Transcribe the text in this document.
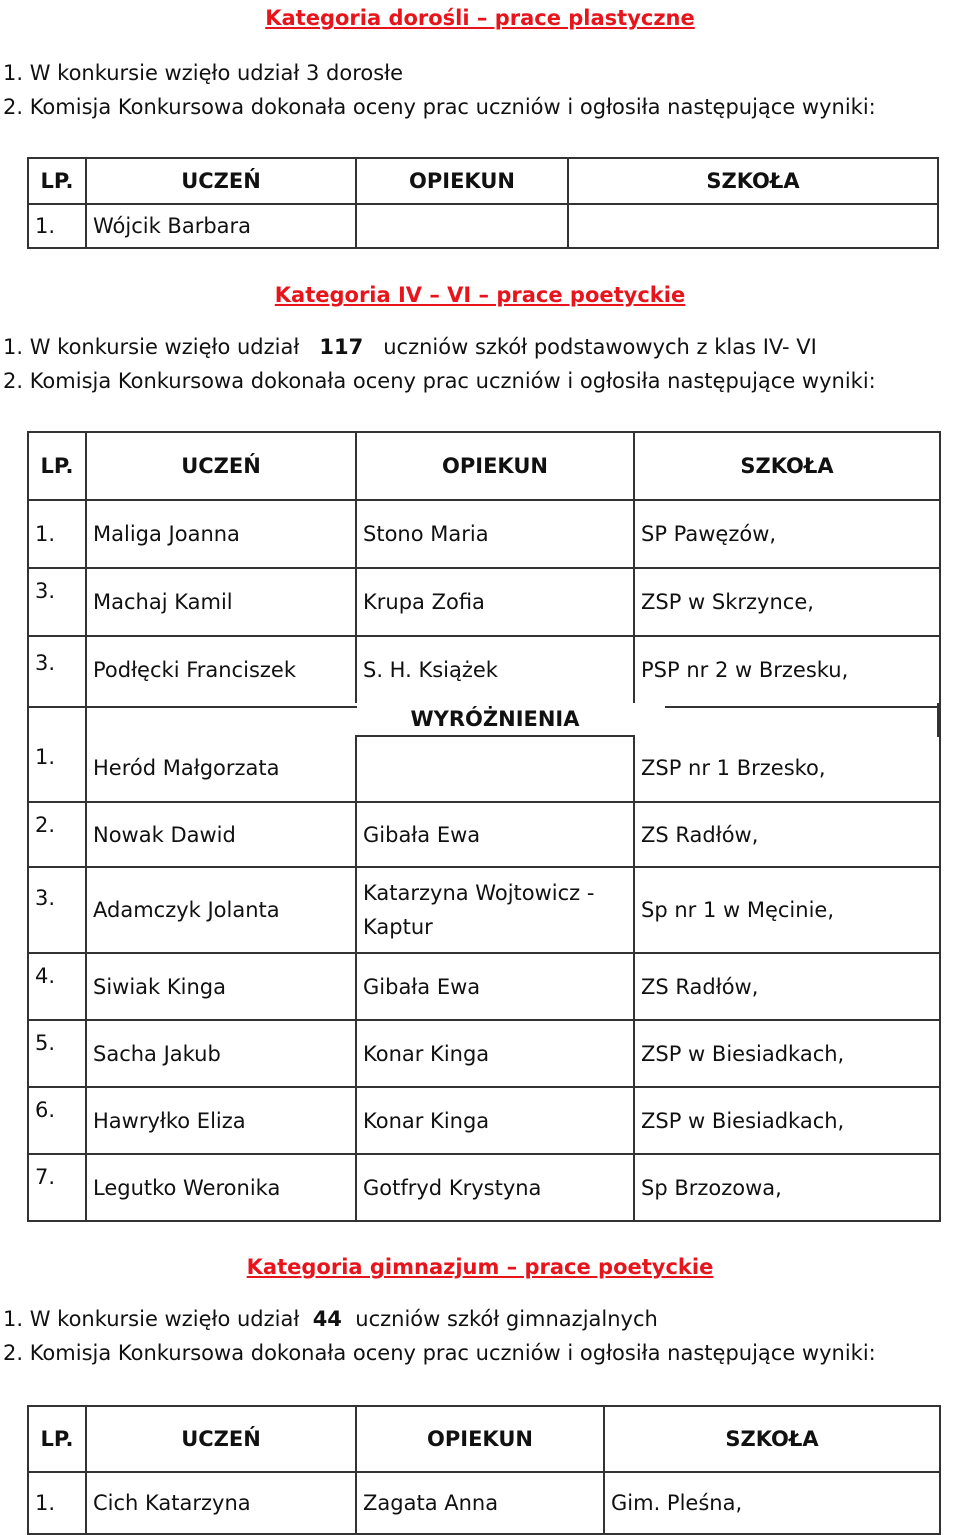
Kategoria dorośli – prace plastyczne
1. W konkursie wzięło udział 3 dorosłe
2. Komisja Konkursowa dokonała oceny prac uczniów i ogłosiła następujące wyniki:
LP.	UCZEŃ	OPIEKUN	SZKOŁA
1.	Wójcik Barbara		
Kategoria IV – VI – prace poetyckie
1. W konkursie wzięło udział 117 uczniów szkół podstawowych z klas IV- VI
2. Komisja Konkursowa dokonała oceny prac uczniów i ogłosiła następujące wyniki:
LP.	UCZEŃ	OPIEKUN	SZKOŁA
1.	Maliga Joanna	Stono Maria	SP Pawęzów,
3.	Machaj Kamil	Krupa Zofia	ZSP w Skrzynce,
3.	Podłęcki Franciszek	S. H. Książek	PSP nr 2 w Brzesku,
1.	Heród Małgorzata		ZSP nr 1 Brzesko,
2.	Nowak Dawid	Gibała Ewa	ZS Radłów,
3.	Adamczyk Jolanta	Katarzyna Wojtowicz - Kaptur	Sp nr 1 w Męcinie,
4.	Siwiak Kinga	Gibała Ewa	ZS Radłów,
5.	Sacha Jakub	Konar Kinga	ZSP w Biesiadkach,
6.	Hawryłko Eliza	Konar Kinga	ZSP w Biesiadkach,
7.	Legutko Weronika	Gotfryd Krystyna	Sp Brzozowa,
WYRÓŻNIENIA
Kategoria gimnazjum – prace poetyckie
1. W konkursie wzięło udział 44 uczniów szkół gimnazjalnych
2. Komisja Konkursowa dokonała oceny prac uczniów i ogłosiła następujące wyniki:
LP.	UCZEŃ	OPIEKUN	SZKOŁA
1.	Cich Katarzyna	Zagata Anna	Gim. Pleśna,
